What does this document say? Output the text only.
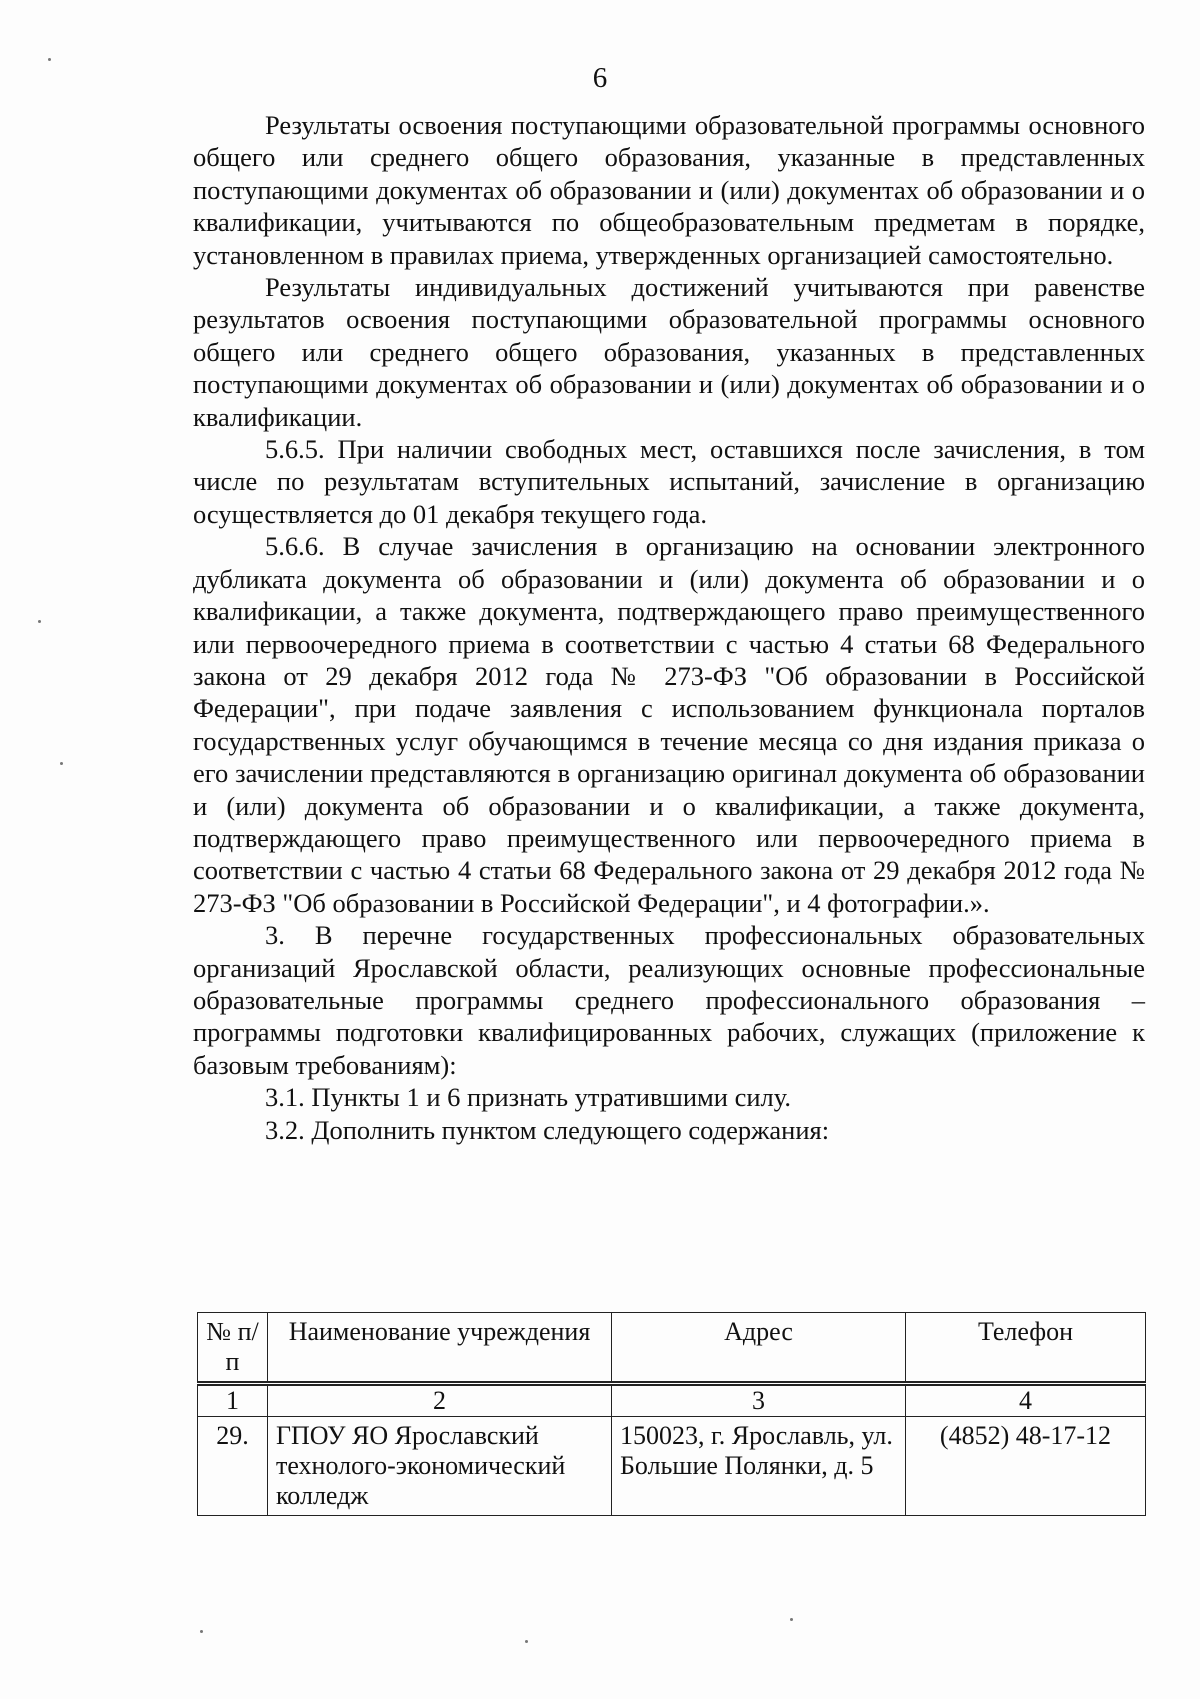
6

Результаты освоения поступающими образовательной программы основного общего или среднего общего образования, указанные в представленных поступающими документах об образовании и (или) документах об образовании и о квалификации, учитываются по общеобразовательным предметам в порядке, установленном в правилах приема, утвержденных организацией самостоятельно.

Результаты индивидуальных достижений учитываются при равенстве результатов освоения поступающими образовательной программы основного общего или среднего общего образования, указанных в представленных поступающими документах об образовании и (или) документах об образовании и о квалификации.

5.6.5. При наличии свободных мест, оставшихся после зачисления, в том числе по результатам вступительных испытаний, зачисление в организацию осуществляется до 01 декабря текущего года.

5.6.6. В случае зачисления в организацию на основании электронного дубликата документа об образовании и (или) документа об образовании и о квалификации, а также документа, подтверждающего право преимущественного или первоочередного приема в соответствии с частью 4 статьи 68 Федерального закона от 29 декабря 2012 года № 273-ФЗ "Об образовании в Российской Федерации", при подаче заявления с использованием функционала порталов государственных услуг обучающимся в течение месяца со дня издания приказа о его зачислении представляются в организацию оригинал документа об образовании и (или) документа об образовании и о квалификации, а также документа, подтверждающего право преимущественного или первоочередного приема в соответствии с частью 4 статьи 68 Федерального закона от 29 декабря 2012 года № 273-ФЗ "Об образовании в Российской Федерации", и 4 фотографии.».

3. В перечне государственных профессиональных образовательных организаций Ярославской области, реализующих основные профессиональные образовательные программы среднего профессионального образования – программы подготовки квалифицированных рабочих, служащих (приложение к базовым требованиям):

3.1. Пункты 1 и 6 признать утратившими силу.

3.2. Дополнить пунктом следующего содержания:

№ п/п	Наименование учреждения	Адрес	Телефон
1	2	3	4
29.	ГПОУ ЯО Ярославский технолого-экономический колледж	150023, г. Ярославль, ул. Большие Полянки, д. 5	(4852) 48-17-12
